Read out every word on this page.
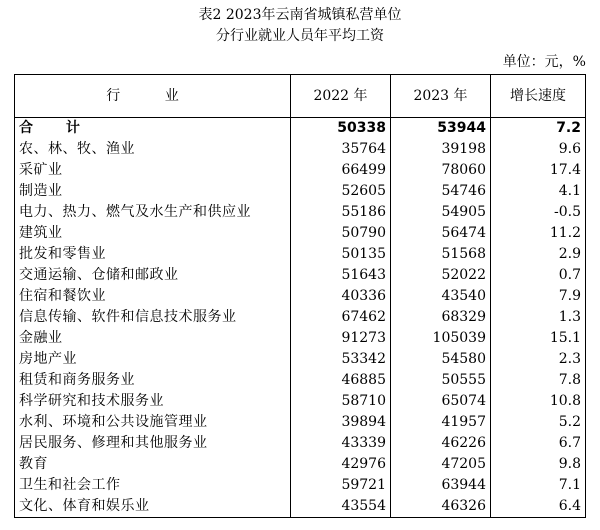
表2 2023年云南省城镇私营单位
分行业就业人员年平均工资
单位：元，%
行 业	2022 年	2023 年	增长速度
合 计	50338	53944	7.2
农、林、牧、渔业	35764	39198	9.6
采矿业	66499	78060	17.4
制造业	52605	54746	4.1
电力、热力、燃气及水生产和供应业	55186	54905	-0.5
建筑业	50790	56474	11.2
批发和零售业	50135	51568	2.9
交通运输、仓储和邮政业	51643	52022	0.7
住宿和餐饮业	40336	43540	7.9
信息传输、软件和信息技术服务业	67462	68329	1.3
金融业	91273	105039	15.1
房地产业	53342	54580	2.3
租赁和商务服务业	46885	50555	7.8
科学研究和技术服务业	58710	65074	10.8
水利、环境和公共设施管理业	39894	41957	5.2
居民服务、修理和其他服务业	43339	46226	6.7
教育	42976	47205	9.8
卫生和社会工作	59721	63944	7.1
文化、体育和娱乐业	43554	46326	6.4
